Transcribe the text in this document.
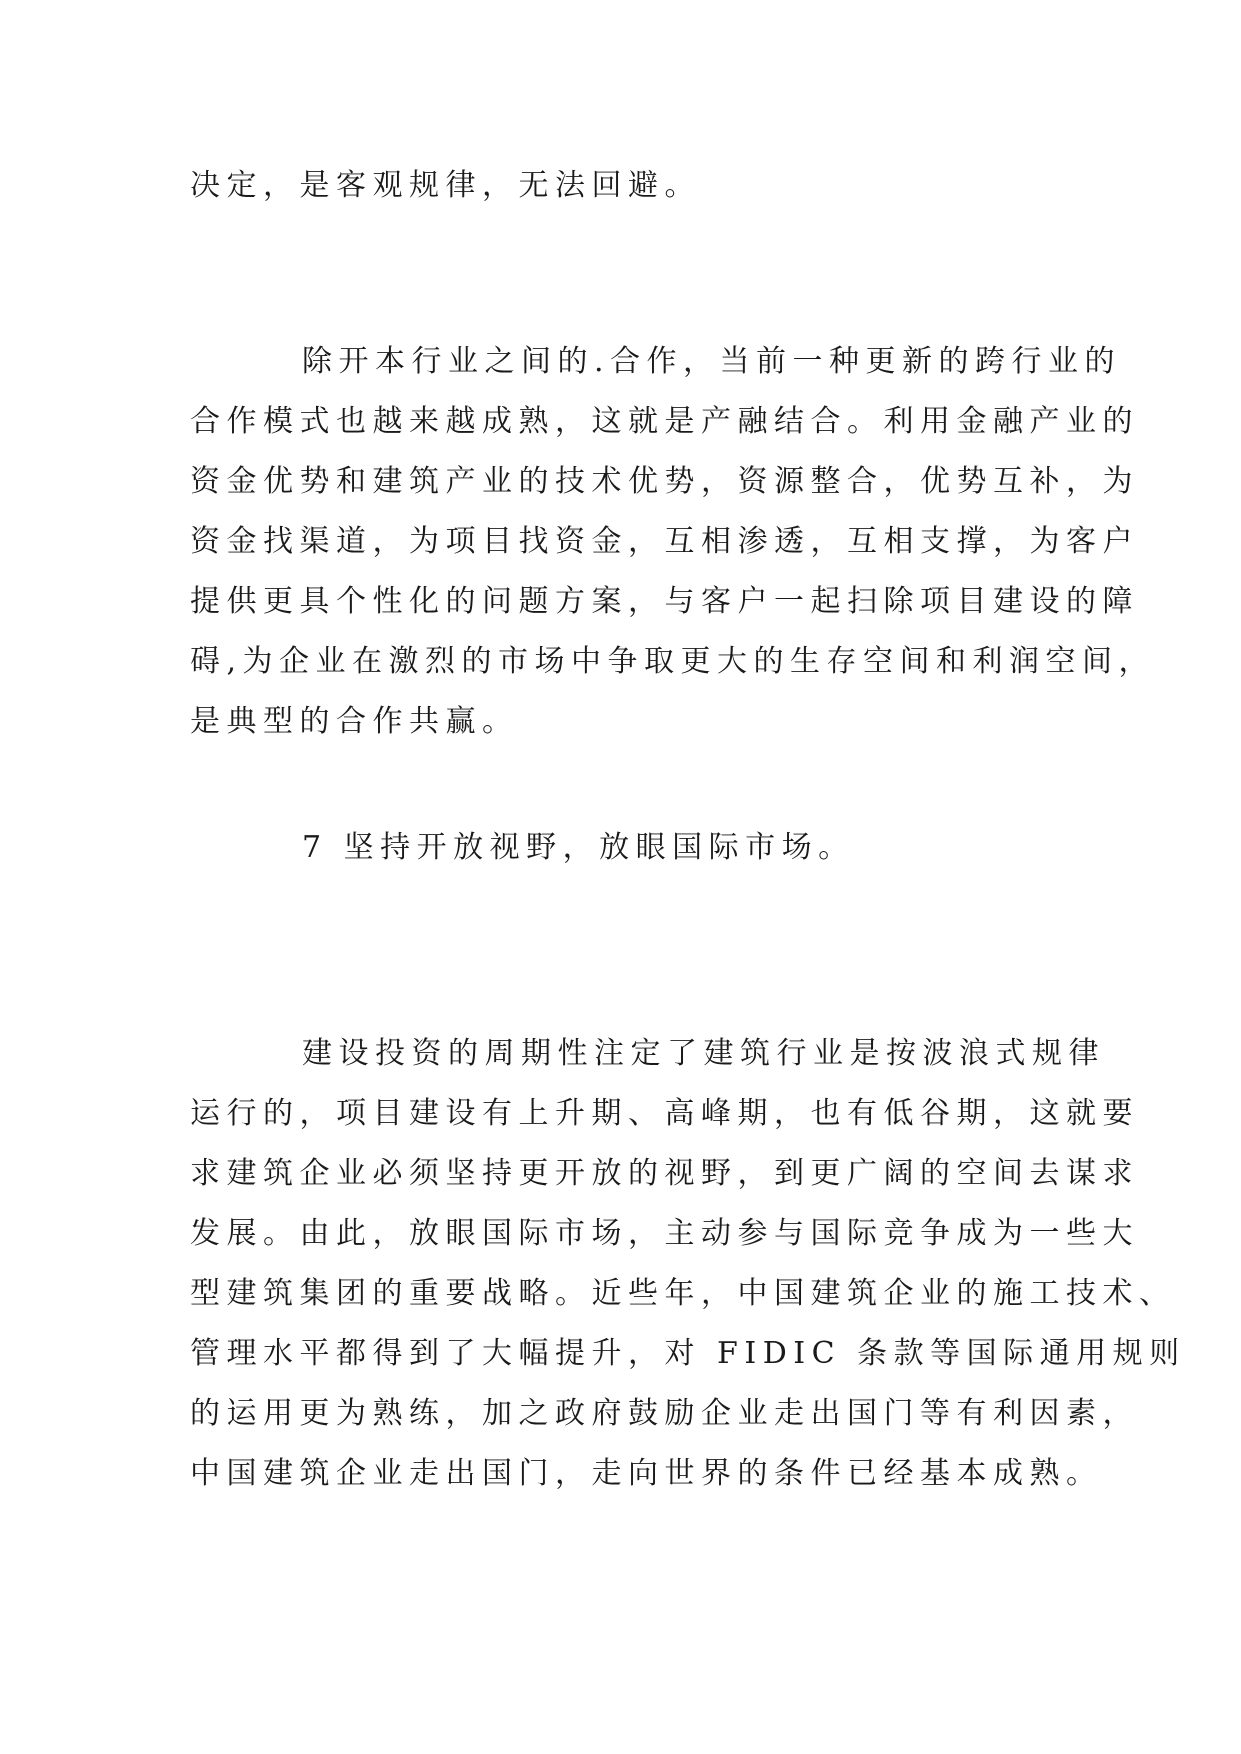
决定，是客观规律，无法回避。
除开本行业之间的.合作，当前一种更新的跨行业的
合作模式也越来越成熟，这就是产融结合。利用金融产业的
资金优势和建筑产业的技术优势，资源整合，优势互补，为
资金找渠道，为项目找资金，互相渗透，互相支撑，为客户
提供更具个性化的问题方案，与客户一起扫除项目建设的障
碍,为企业在激烈的市场中争取更大的生存空间和利润空间，
是典型的合作共赢。
7 坚持开放视野，放眼国际市场。
建设投资的周期性注定了建筑行业是按波浪式规律
运行的，项目建设有上升期、高峰期，也有低谷期，这就要
求建筑企业必须坚持更开放的视野，到更广阔的空间去谋求
发展。由此，放眼国际市场，主动参与国际竞争成为一些大
型建筑集团的重要战略。近些年，中国建筑企业的施工技术、
管理水平都得到了大幅提升，对 FIDIC 条款等国际通用规则
的运用更为熟练，加之政府鼓励企业走出国门等有利因素，
中国建筑企业走出国门，走向世界的条件已经基本成熟。
